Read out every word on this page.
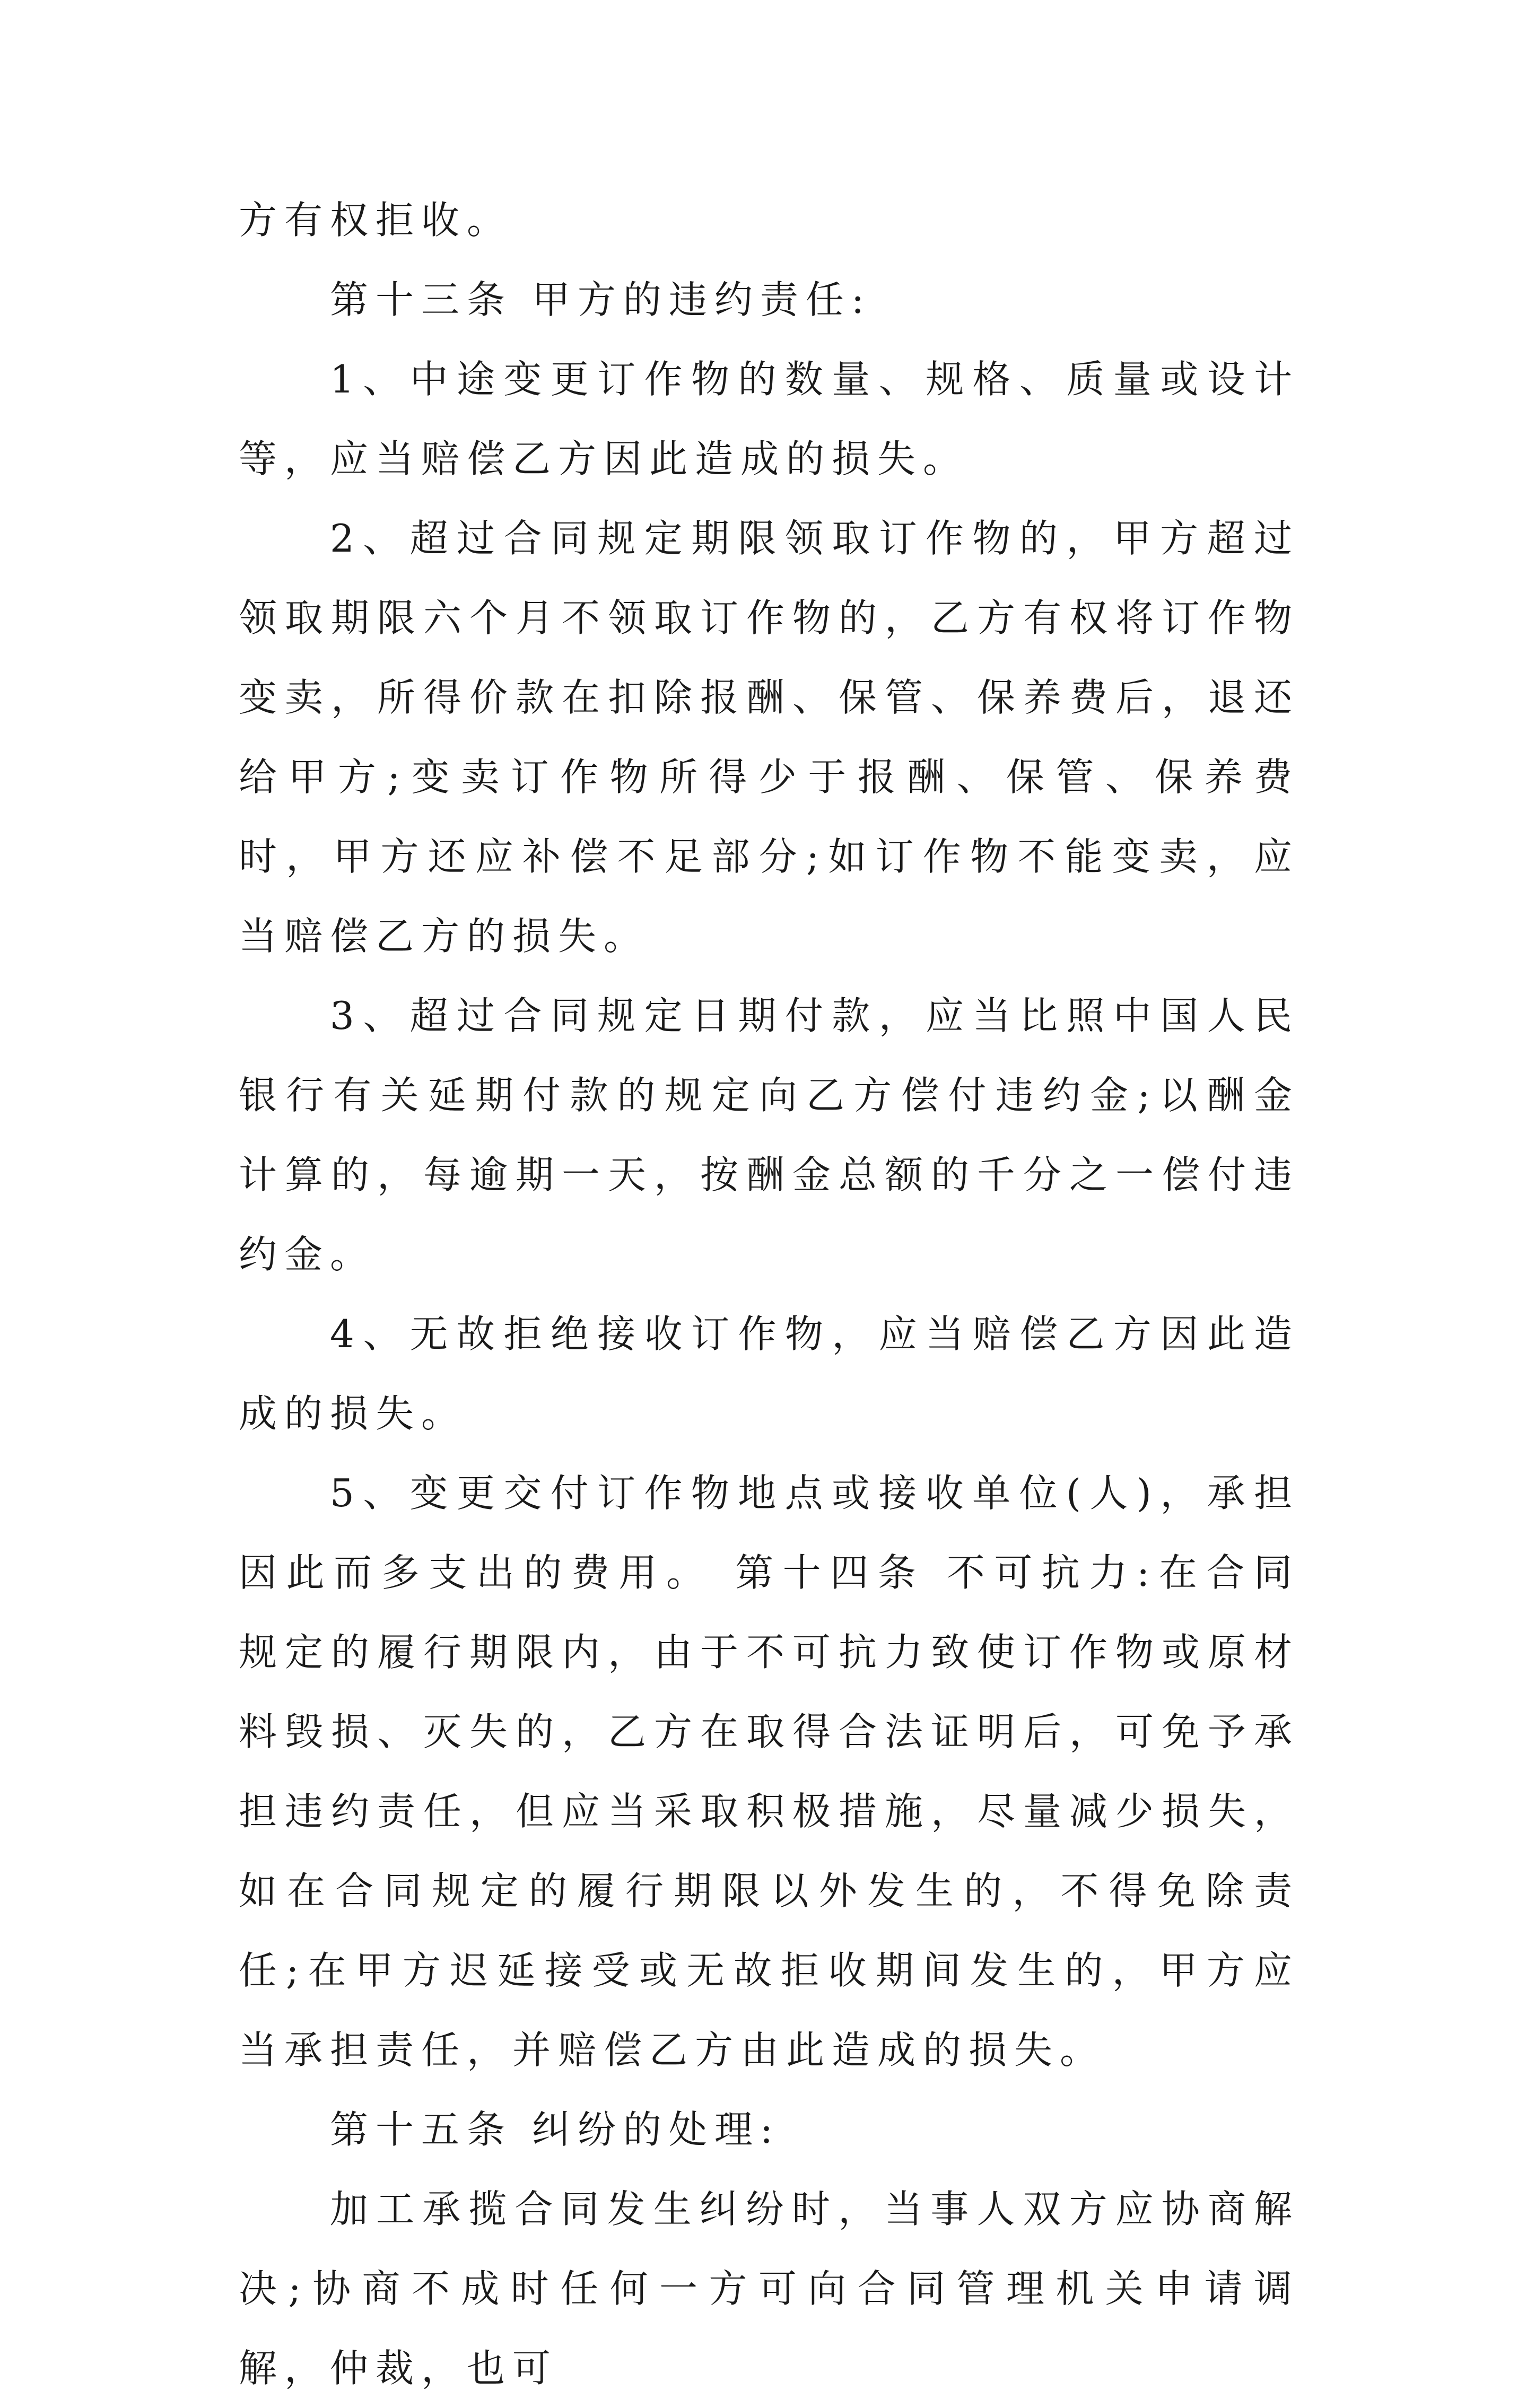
方有权拒收。

第十三条 甲方的违约责任:

1、中途变更订作物的数量、规格、质量或设计等，应当赔偿乙方因此造成的损失。

2、超过合同规定期限领取订作物的，甲方超过领取期限六个月不领取订作物的，乙方有权将订作物变卖，所得价款在扣除报酬、保管、保养费后，退还给甲方;变卖订作物所得少于报酬、保管、保养费时，甲方还应补偿不足部分;如订作物不能变卖，应当赔偿乙方的损失。

3、超过合同规定日期付款，应当比照中国人民银行有关延期付款的规定向乙方偿付违约金;以酬金计算的，每逾期一天，按酬金总额的千分之一偿付违约金。

4、无故拒绝接收订作物，应当赔偿乙方因此造成的损失。

5、变更交付订作物地点或接收单位(人)，承担因此而多支出的费用。 第十四条 不可抗力:在合同规定的履行期限内，由于不可抗力致使订作物或原材料毁损、灭失的，乙方在取得合法证明后，可免予承担违约责任，但应当采取积极措施，尽量减少损失，如在合同规定的履行期限以外发生的，不得免除责任;在甲方迟延接受或无故拒收期间发生的，甲方应当承担责任，并赔偿乙方由此造成的损失。

第十五条 纠纷的处理:

加工承揽合同发生纠纷时，当事人双方应协商解决;协商不成时任何一方可向合同管理机关申请调解，仲裁，也可
